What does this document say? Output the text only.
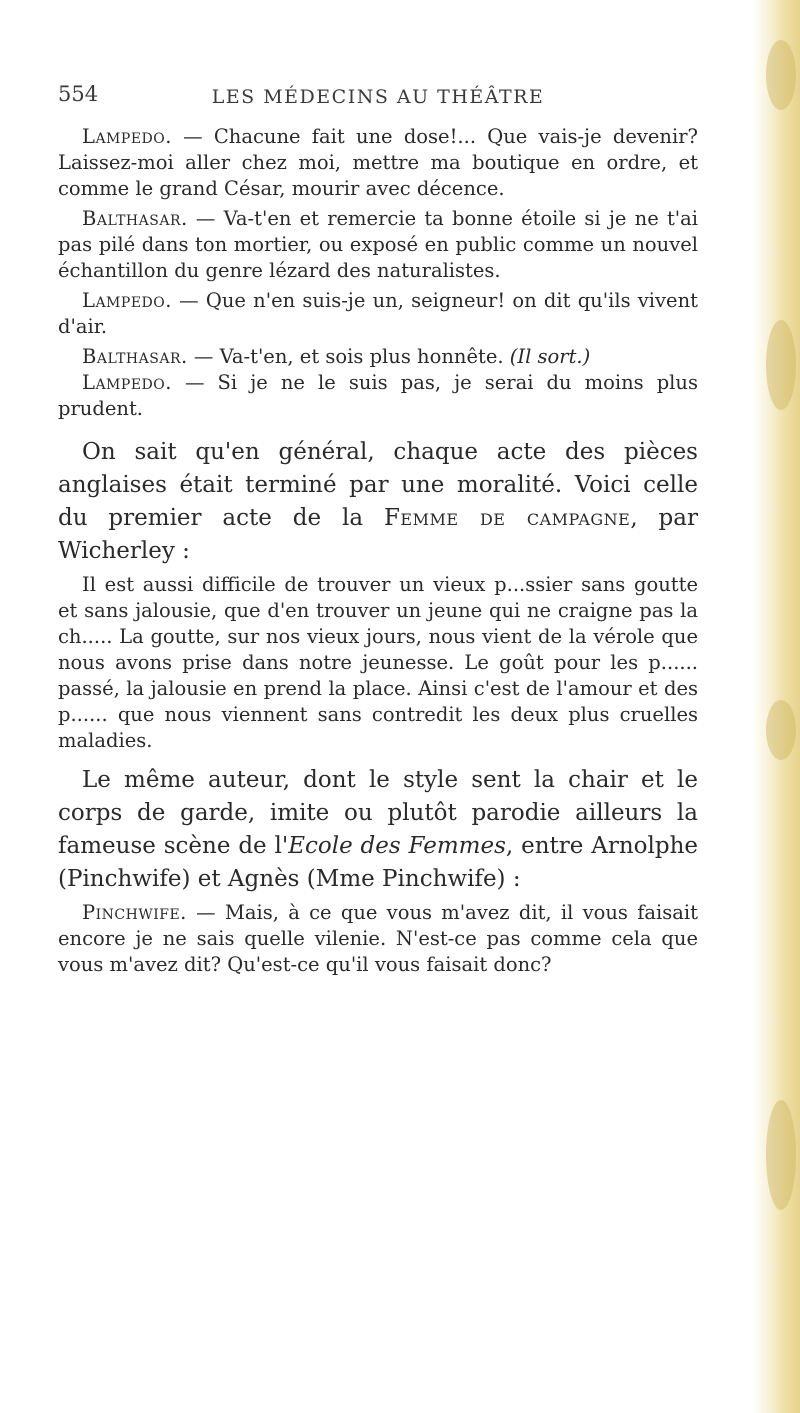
554	LES MÉDECINS AU THÉÂTRE

Lampedo. — Chacune fait une dose!... Que vais-je devenir? Laissez-moi aller chez moi, mettre ma boutique en ordre, et comme le grand César, mourir avec décence.

Balthasar. — Va-t'en et remercie ta bonne étoile si je ne t'ai pas pilé dans ton mortier, ou exposé en public comme un nouvel échantillon du genre lézard des naturalistes.

Lampedo. — Que n'en suis-je un, seigneur! on dit qu'ils vivent d'air.

Balthasar. — Va-t'en, et sois plus honnête. (Il sort.)

Lampedo. — Si je ne le suis pas, je serai du moins plus prudent.

On sait qu'en général, chaque acte des pièces anglaises était terminé par une moralité. Voici celle du premier acte de la Femme de campagne, par Wicherley :

Il est aussi difficile de trouver un vieux p...ssier sans goutte et sans jalousie, que d'en trouver un jeune qui ne craigne pas la ch..... La goutte, sur nos vieux jours, nous vient de la vérole que nous avons prise dans notre jeunesse. Le goût pour les p...... passé, la jalousie en prend la place. Ainsi c'est de l'amour et des p...... que nous viennent sans contredit les deux plus cruelles maladies.

Le même auteur, dont le style sent la chair et le corps de garde, imite ou plutôt parodie ailleurs la fameuse scène de l'Ecole des Femmes, entre Arnolphe (Pinchwife) et Agnès (Mme Pinchwife) :

Pinchwife. — Mais, à ce que vous m'avez dit, il vous faisait encore je ne sais quelle vilenie. N'est-ce pas comme cela que vous m'avez dit? Qu'est-ce qu'il vous faisait donc?
